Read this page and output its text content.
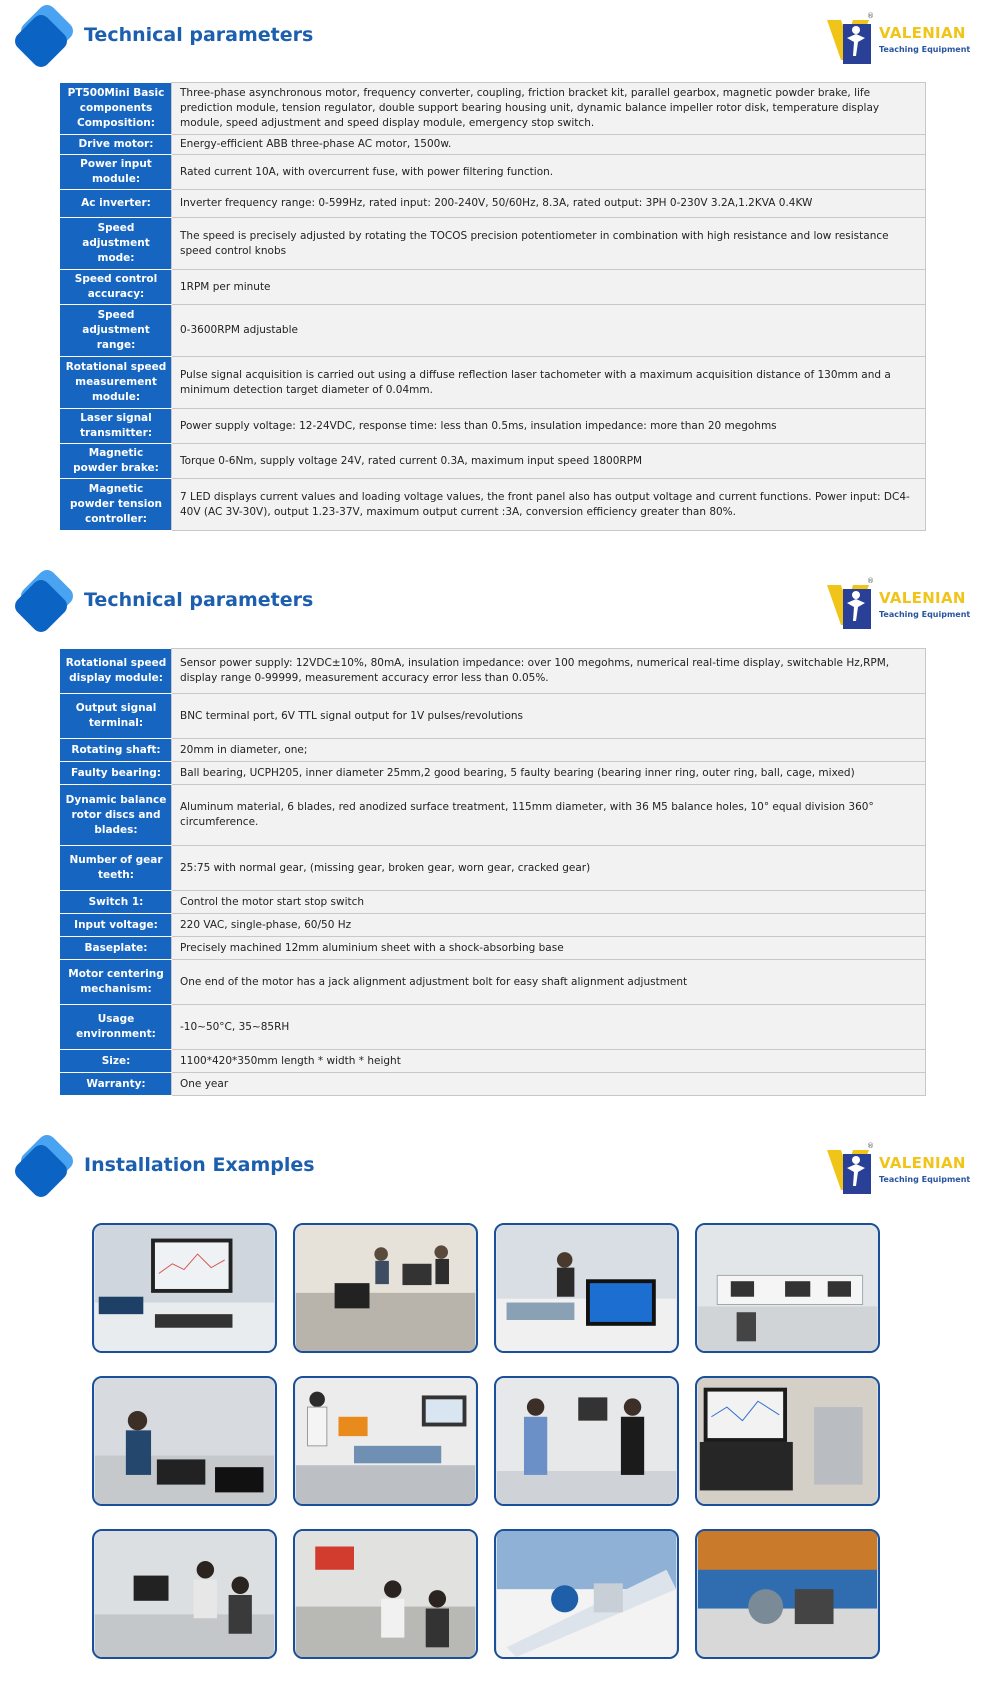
Technical parameters
®
VALENIAN
Teaching Equipment
PT500Mini Basic components Composition:	Three-phase asynchronous motor, frequency converter, coupling, friction bracket kit, parallel gearbox, magnetic powder brake, life prediction module, tension regulator, double support bearing housing unit, dynamic balance impeller rotor disk, temperature display module, speed adjustment and speed display module, emergency stop switch.
Drive motor:	Energy-efficient ABB three-phase AC motor, 1500w.
Power input module:	Rated current 10A, with overcurrent fuse, with power filtering function.
Ac inverter:	Inverter frequency range: 0-599Hz, rated input: 200-240V, 50/60Hz, 8.3A, rated output: 3PH 0-230V 3.2A,1.2KVA 0.4KW
Speed adjustment mode:	The speed is precisely adjusted by rotating the TOCOS precision potentiometer in combination with high resistance and low resistance speed control knobs
Speed control accuracy:	1RPM per minute
Speed adjustment range:	0-3600RPM adjustable
Rotational speed measurement module:	Pulse signal acquisition is carried out using a diffuse reflection laser tachometer with a maximum acquisition distance of 130mm and a minimum detection target diameter of 0.04mm.
Laser signal transmitter:	Power supply voltage: 12-24VDC, response time: less than 0.5ms, insulation impedance: more than 20 megohms
Magnetic powder brake:	Torque 0-6Nm, supply voltage 24V, rated current 0.3A, maximum input speed 1800RPM
Magnetic powder tension controller:	7 LED displays current values and loading voltage values, the front panel also has output voltage and current functions. Power input: DC4-40V (AC 3V-30V), output 1.23-37V, maximum output current :3A, conversion efficiency greater than 80%.
Technical parameters
®
VALENIAN
Teaching Equipment
Rotational speed display module:	Sensor power supply: 12VDC±10%, 80mA, insulation impedance: over 100 megohms, numerical real-time display, switchable Hz,RPM, display range 0-99999, measurement accuracy error less than 0.05%.
Output signal terminal:	BNC terminal port, 6V TTL signal output for 1V pulses/revolutions
Rotating shaft:	20mm in diameter, one;
Faulty bearing:	Ball bearing, UCPH205, inner diameter 25mm,2 good bearing, 5 faulty bearing (bearing inner ring, outer ring, ball, cage, mixed)
Dynamic balance rotor discs and blades:	Aluminum material, 6 blades, red anodized surface treatment, 115mm diameter, with 36 M5 balance holes, 10° equal division 360° circumference.
Number of gear teeth:	25:75 with normal gear, (missing gear, broken gear, worn gear, cracked gear)
Switch 1:	Control the motor start stop switch
Input voltage:	220 VAC, single-phase, 60/50 Hz
Baseplate:	Precisely machined 12mm aluminium sheet with a shock-absorbing base
Motor centering mechanism:	One end of the motor has a jack alignment adjustment bolt for easy shaft alignment adjustment
Usage environment:	-10~50°C, 35~85RH
Size:	1100*420*350mm length * width * height
Warranty:	One year
Installation Examples
®
VALENIAN
Teaching Equipment
